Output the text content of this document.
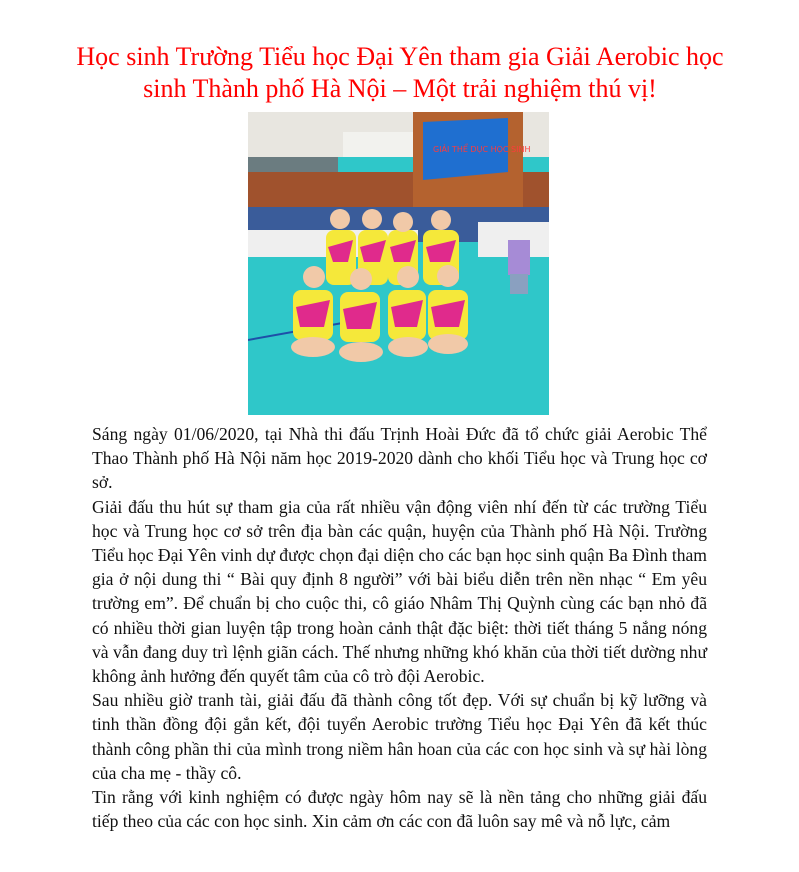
Học sinh Trường Tiểu học Đại Yên tham gia Giải Aerobic học sinh Thành phố Hà Nội – Một trải nghiệm thú vị!
GIẢI THỂ DỤC HỌC SINH

Sáng ngày 01/06/2020, tại Nhà thi đấu Trịnh Hoài Đức đã tổ chức giải Aerobic Thể Thao Thành phố Hà Nội năm học 2019-2020 dành cho khối Tiểu học và Trung học cơ sở.

Giải đấu thu hút sự tham gia của rất nhiều vận động viên nhí đến từ các trường Tiểu học và Trung học cơ sở trên địa bàn các quận, huyện của Thành phố Hà Nội. Trường Tiểu học Đại Yên vinh dự được chọn đại diện cho các bạn học sinh quận Ba Đình tham gia ở nội dung thi “ Bài quy định 8 người” với bài biểu diễn trên nền nhạc “ Em yêu trường em”. Để chuẩn bị cho cuộc thi, cô giáo Nhâm Thị Quỳnh cùng các bạn nhỏ đã có nhiều thời gian luyện tập trong hoàn cảnh thật đặc biệt: thời tiết tháng 5 nắng nóng và vẫn đang duy trì lệnh giãn cách. Thế nhưng những khó khăn của thời tiết dường như không ảnh hưởng đến quyết tâm của cô trò đội Aerobic.

Sau nhiều giờ tranh tài, giải đấu đã thành công tốt đẹp. Với sự chuẩn bị kỹ lưỡng và tinh thần đồng đội gắn kết, đội tuyển Aerobic trường Tiểu học Đại Yên đã kết thúc thành công phần thi của mình trong niềm hân hoan của các con học sinh và sự hài lòng của cha mẹ - thầy cô.

Tin rằng với kinh nghiệm có được ngày hôm nay sẽ là nền tảng cho những giải đấu tiếp theo của các con học sinh. Xin cảm ơn các con đã luôn say mê và nỗ lực, cảm
